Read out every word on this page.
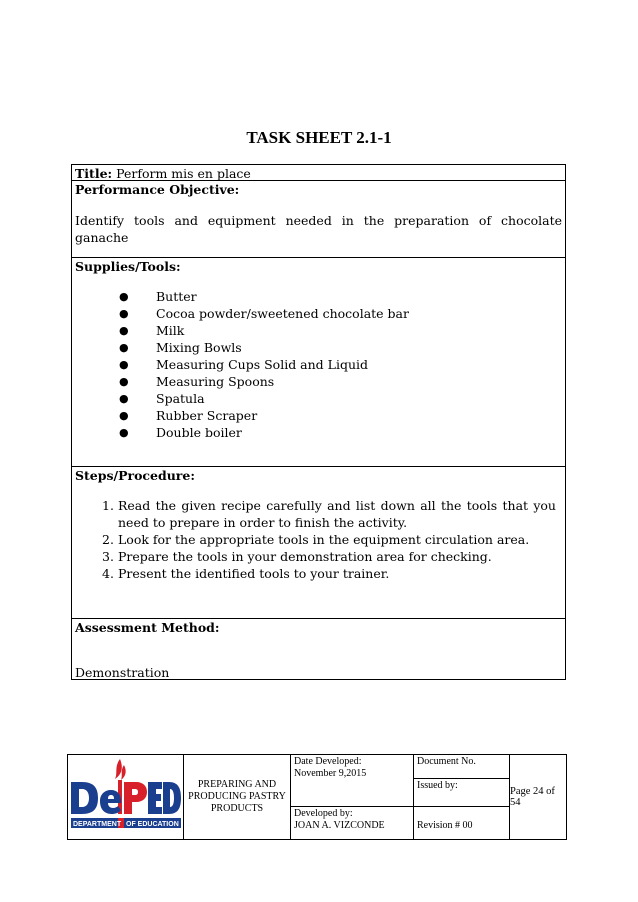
TASK SHEET 2.1-1
Title: Perform mis en place
Performance Objective:
Identify tools and equipment needed in the preparation of chocolate ganache
Supplies/Tools:
● Butter
● Cocoa powder/sweetened chocolate bar
● Milk
● Mixing Bowls
● Measuring Cups Solid and Liquid
● Measuring Spoons
● Spatula
● Rubber Scraper
● Double boiler
Steps/Procedure:
1. Read the given recipe carefully and list down all the tools that you need to prepare in order to finish the activity.
2. Look for the appropriate tools in the equipment circulation area.
3. Prepare the tools in your demonstration area for checking.
4. Present the identified tools to your trainer.
Assessment Method:
Demonstration
DEPARTMENT OF EDUCATION
PREPARING AND PRODUCING PASTRY PRODUCTS
Date Developed:
November 9,2015
Developed by:
JOAN A. VIZCONDE
Document No.
Issued by:
Revision # 00
Page 24 of 54
